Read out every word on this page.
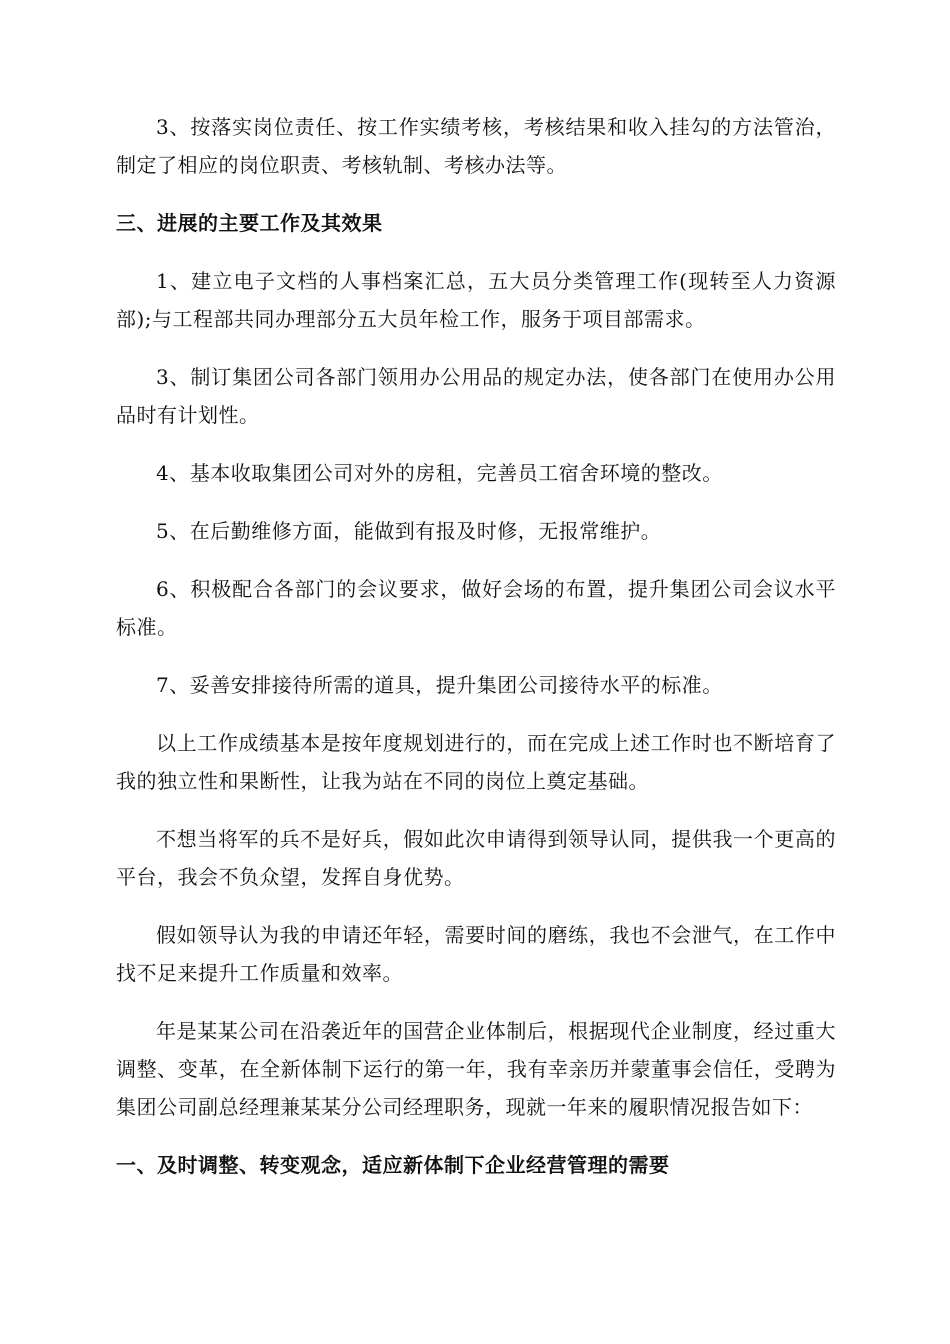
3、按落实岗位责任、按工作实绩考核，考核结果和收入挂勾的方法管治，制定了相应的岗位职责、考核轨制、考核办法等。

三、进展的主要工作及其效果

1、建立电子文档的人事档案汇总，五大员分类管理工作(现转至人力资源部);与工程部共同办理部分五大员年检工作，服务于项目部需求。

3、制订集团公司各部门领用办公用品的规定办法，使各部门在使用办公用品时有计划性。

4、基本收取集团公司对外的房租，完善员工宿舍环境的整改。

5、在后勤维修方面，能做到有报及时修，无报常维护。

6、积极配合各部门的会议要求，做好会场的布置，提升集团公司会议水平标准。

7、妥善安排接待所需的道具，提升集团公司接待水平的标准。

以上工作成绩基本是按年度规划进行的，而在完成上述工作时也不断培育了我的独立性和果断性，让我为站在不同的岗位上奠定基础。

不想当将军的兵不是好兵，假如此次申请得到领导认同，提供我一个更高的平台，我会不负众望，发挥自身优势。

假如领导认为我的申请还年轻，需要时间的磨练，我也不会泄气，在工作中找不足来提升工作质量和效率。

年是某某公司在沿袭近年的国营企业体制后，根据现代企业制度，经过重大调整、变革，在全新体制下运行的第一年，我有幸亲历并蒙董事会信任，受聘为集团公司副总经理兼某某分公司经理职务，现就一年来的履职情况报告如下：

一、及时调整、转变观念，适应新体制下企业经营管理的需要
